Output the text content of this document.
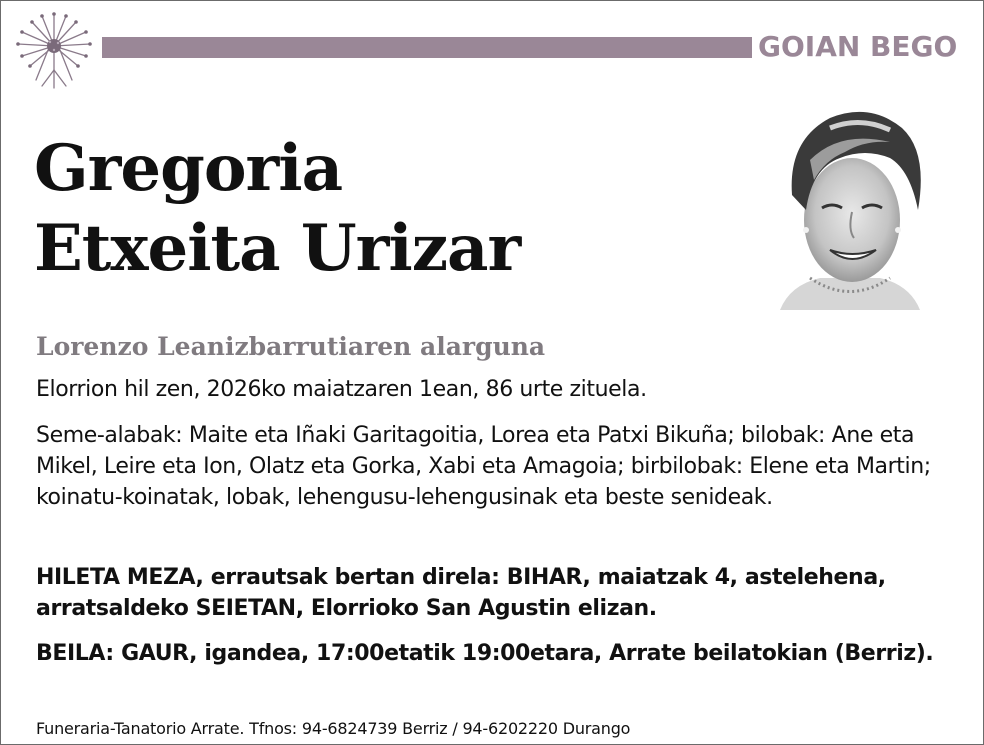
GOIAN BEGO
Gregoria
Etxeita Urizar
Lorenzo Leanizbarrutiaren alarguna
Elorrion hil zen, 2026ko maiatzaren 1ean, 86 urte zituela.
Seme-alabak: Maite eta Iñaki Garitagoitia, Lorea eta Patxi Bikuña; bilobak: Ane eta Mikel, Leire eta Ion, Olatz eta Gorka, Xabi eta Amagoia; birbilobak: Elene eta Martin; koinatu-koinatak, lobak, lehengusu-lehengusinak eta beste senideak.
HILETA MEZA, errautsak bertan direla: BIHAR, maiatzak 4, astelehena, arratsaldeko SEIETAN, Elorrioko San Agustin elizan.
BEILA: GAUR, igandea, 17:00etatik 19:00etara, Arrate beilatokian (Berriz).
Funeraria-Tanatorio Arrate. Tfnos: 94-6824739 Berriz / 94-6202220 Durango
